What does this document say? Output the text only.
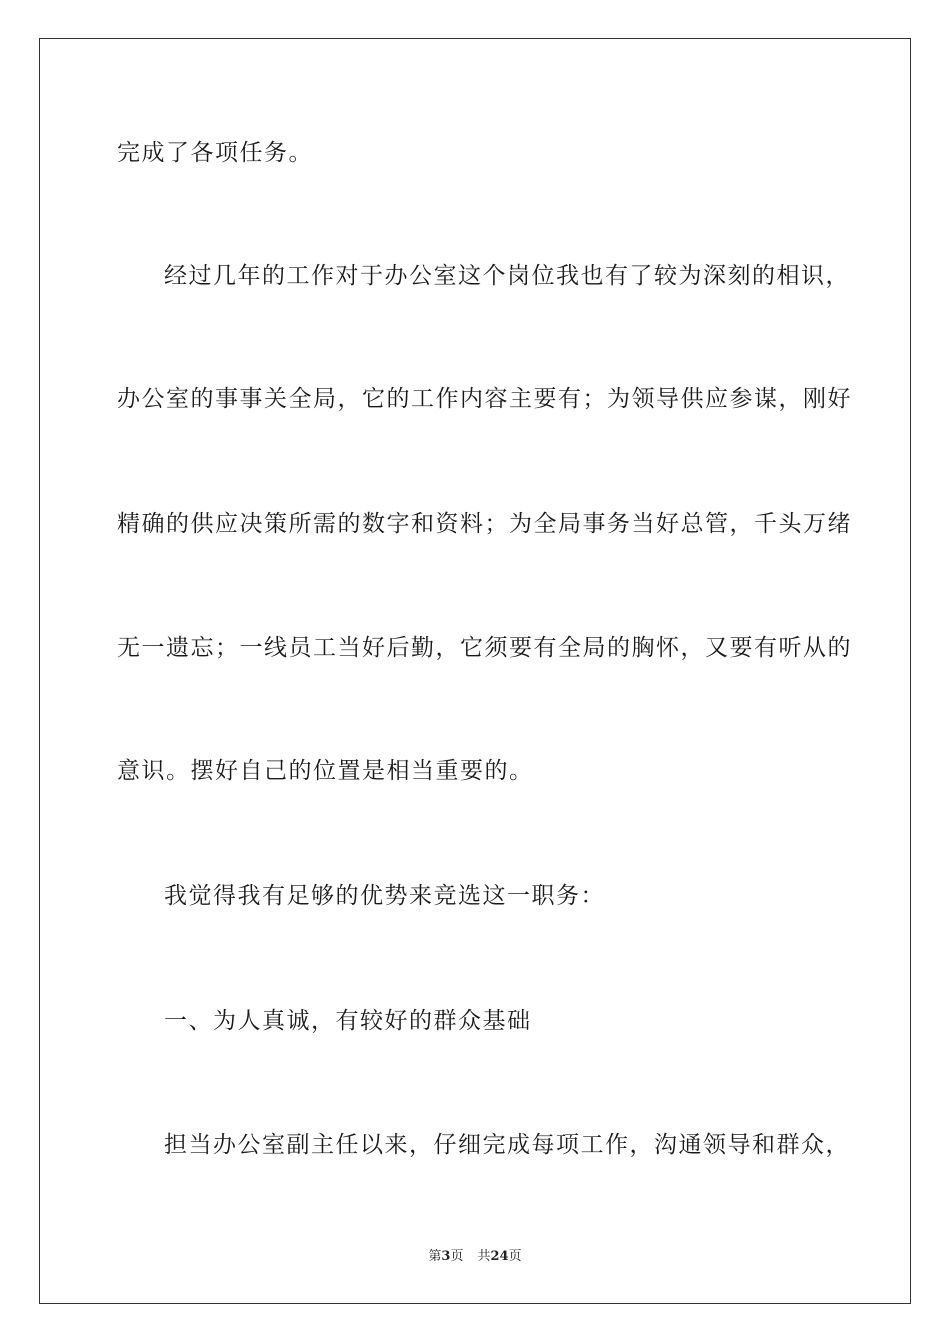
完成了各项任务。
经过几年的工作对于办公室这个岗位我也有了较为深刻的相识，
办公室的事事关全局，它的工作内容主要有；为领导供应参谋，刚好
精确的供应决策所需的数字和资料；为全局事务当好总管，千头万绪
无一遗忘；一线员工当好后勤，它须要有全局的胸怀，又要有听从的
意识。摆好自己的位置是相当重要的。
我觉得我有足够的优势来竞选这一职务：
一、为人真诚，有较好的群众基础
担当办公室副主任以来，仔细完成每项工作，沟通领导和群众，
第3页 共24页
